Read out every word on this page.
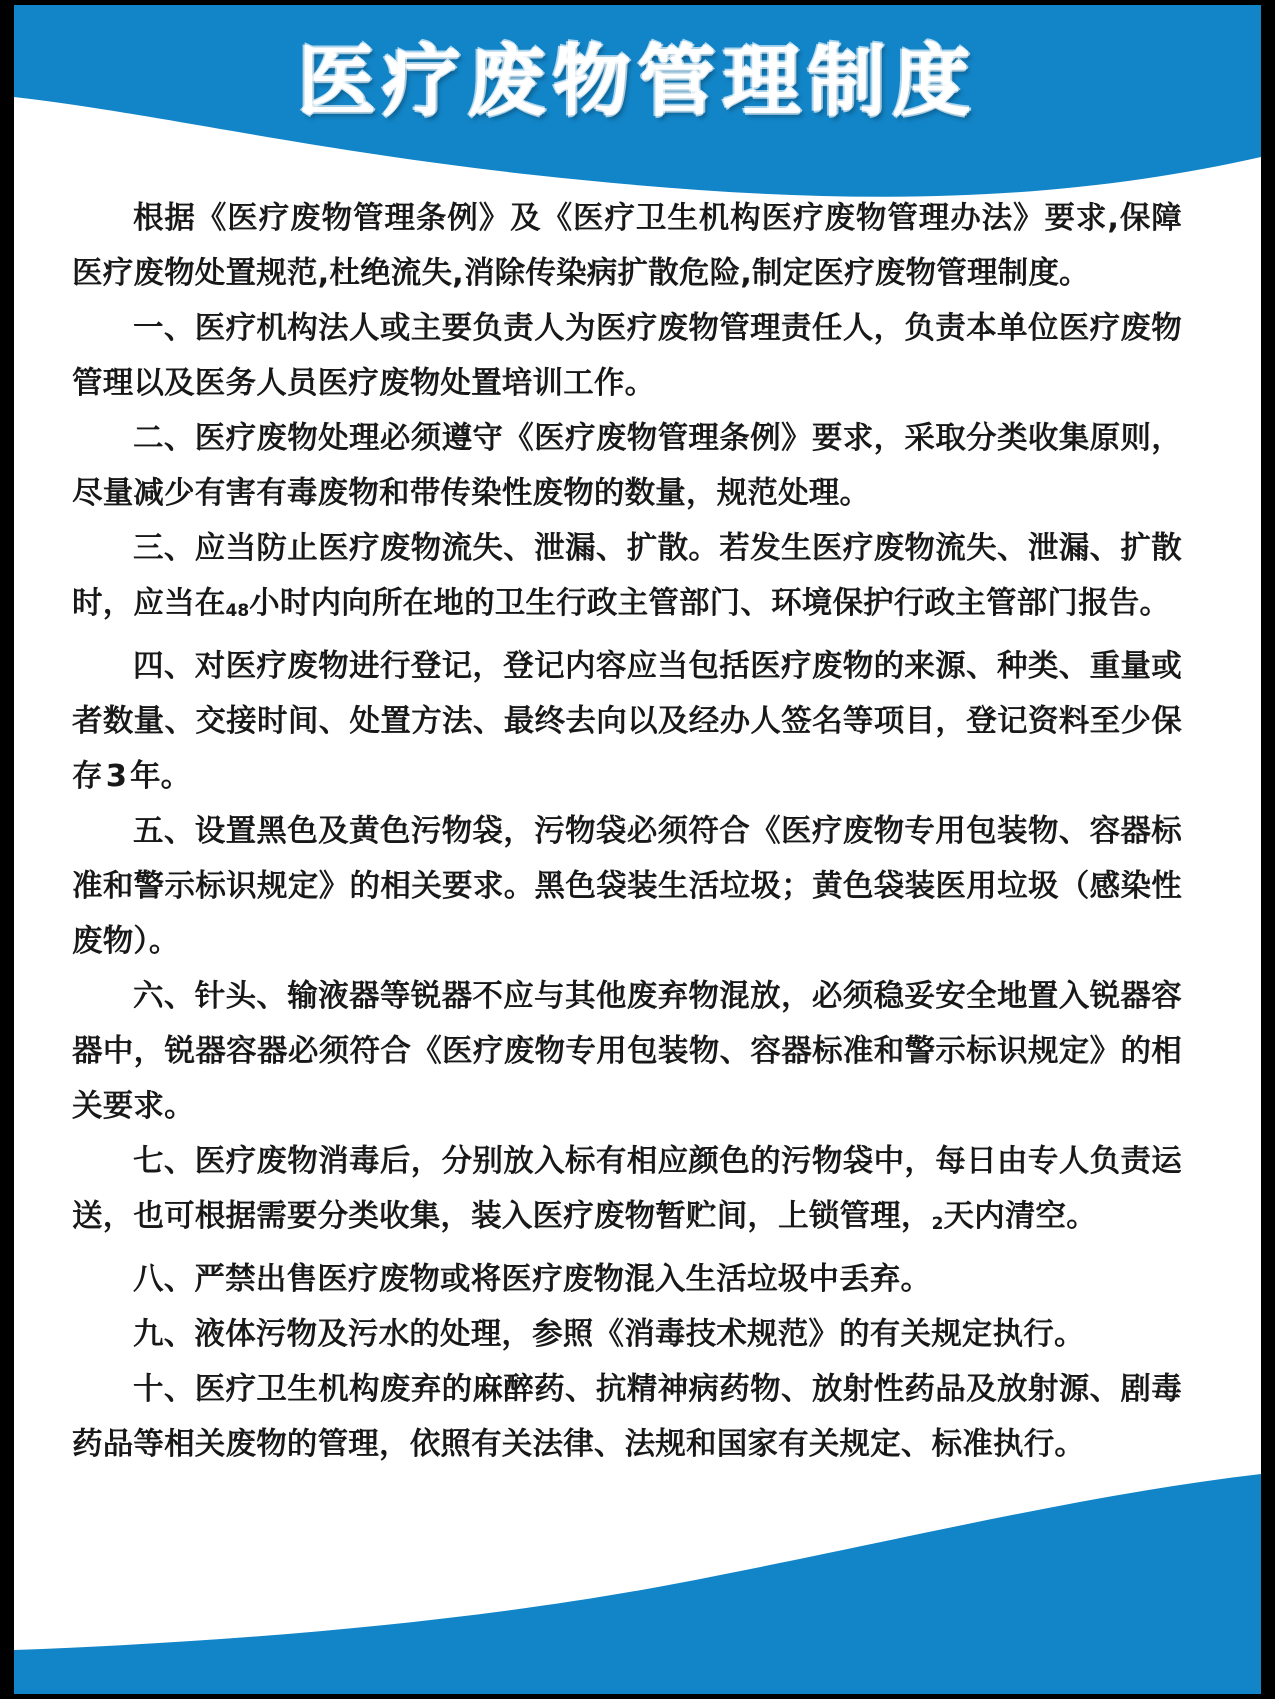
医疗废物管理制度

根据《医疗废物管理条例》及《医疗卫生机构医疗废物管理办法》要求,保障医疗废物处置规范,杜绝流失,消除传染病扩散危险,制定医疗废物管理制度。

一、医疗机构法人或主要负责人为医疗废物管理责任人，负责本单位医疗废物管理以及医务人员医疗废物处置培训工作。

二、医疗废物处理必须遵守《医疗废物管理条例》要求，采取分类收集原则，尽量减少有害有毒废物和带传染性废物的数量，规范处理。

三、应当防止医疗废物流失、泄漏、扩散。若发生医疗废物流失、泄漏、扩散时，应当在48小时内向所在地的卫生行政主管部门、环境保护行政主管部门报告。

四、对医疗废物进行登记，登记内容应当包括医疗废物的来源、种类、重量或者数量、交接时间、处置方法、最终去向以及经办人签名等项目，登记资料至少保存3年。

五、设置黑色及黄色污物袋，污物袋必须符合《医疗废物专用包装物、容器标准和警示标识规定》的相关要求。黑色袋装生活垃圾；黄色袋装医用垃圾（感染性废物）。

六、针头、输液器等锐器不应与其他废弃物混放，必须稳妥安全地置入锐器容器中，锐器容器必须符合《医疗废物专用包装物、容器标准和警示标识规定》的相关要求。

七、医疗废物消毒后，分别放入标有相应颜色的污物袋中，每日由专人负责运送，也可根据需要分类收集，装入医疗废物暂贮间，上锁管理，2天内清空。

八、严禁出售医疗废物或将医疗废物混入生活垃圾中丢弃。

九、液体污物及污水的处理，参照《消毒技术规范》的有关规定执行。

十、医疗卫生机构废弃的麻醉药、抗精神病药物、放射性药品及放射源、剧毒药品等相关废物的管理，依照有关法律、法规和国家有关规定、标准执行。
